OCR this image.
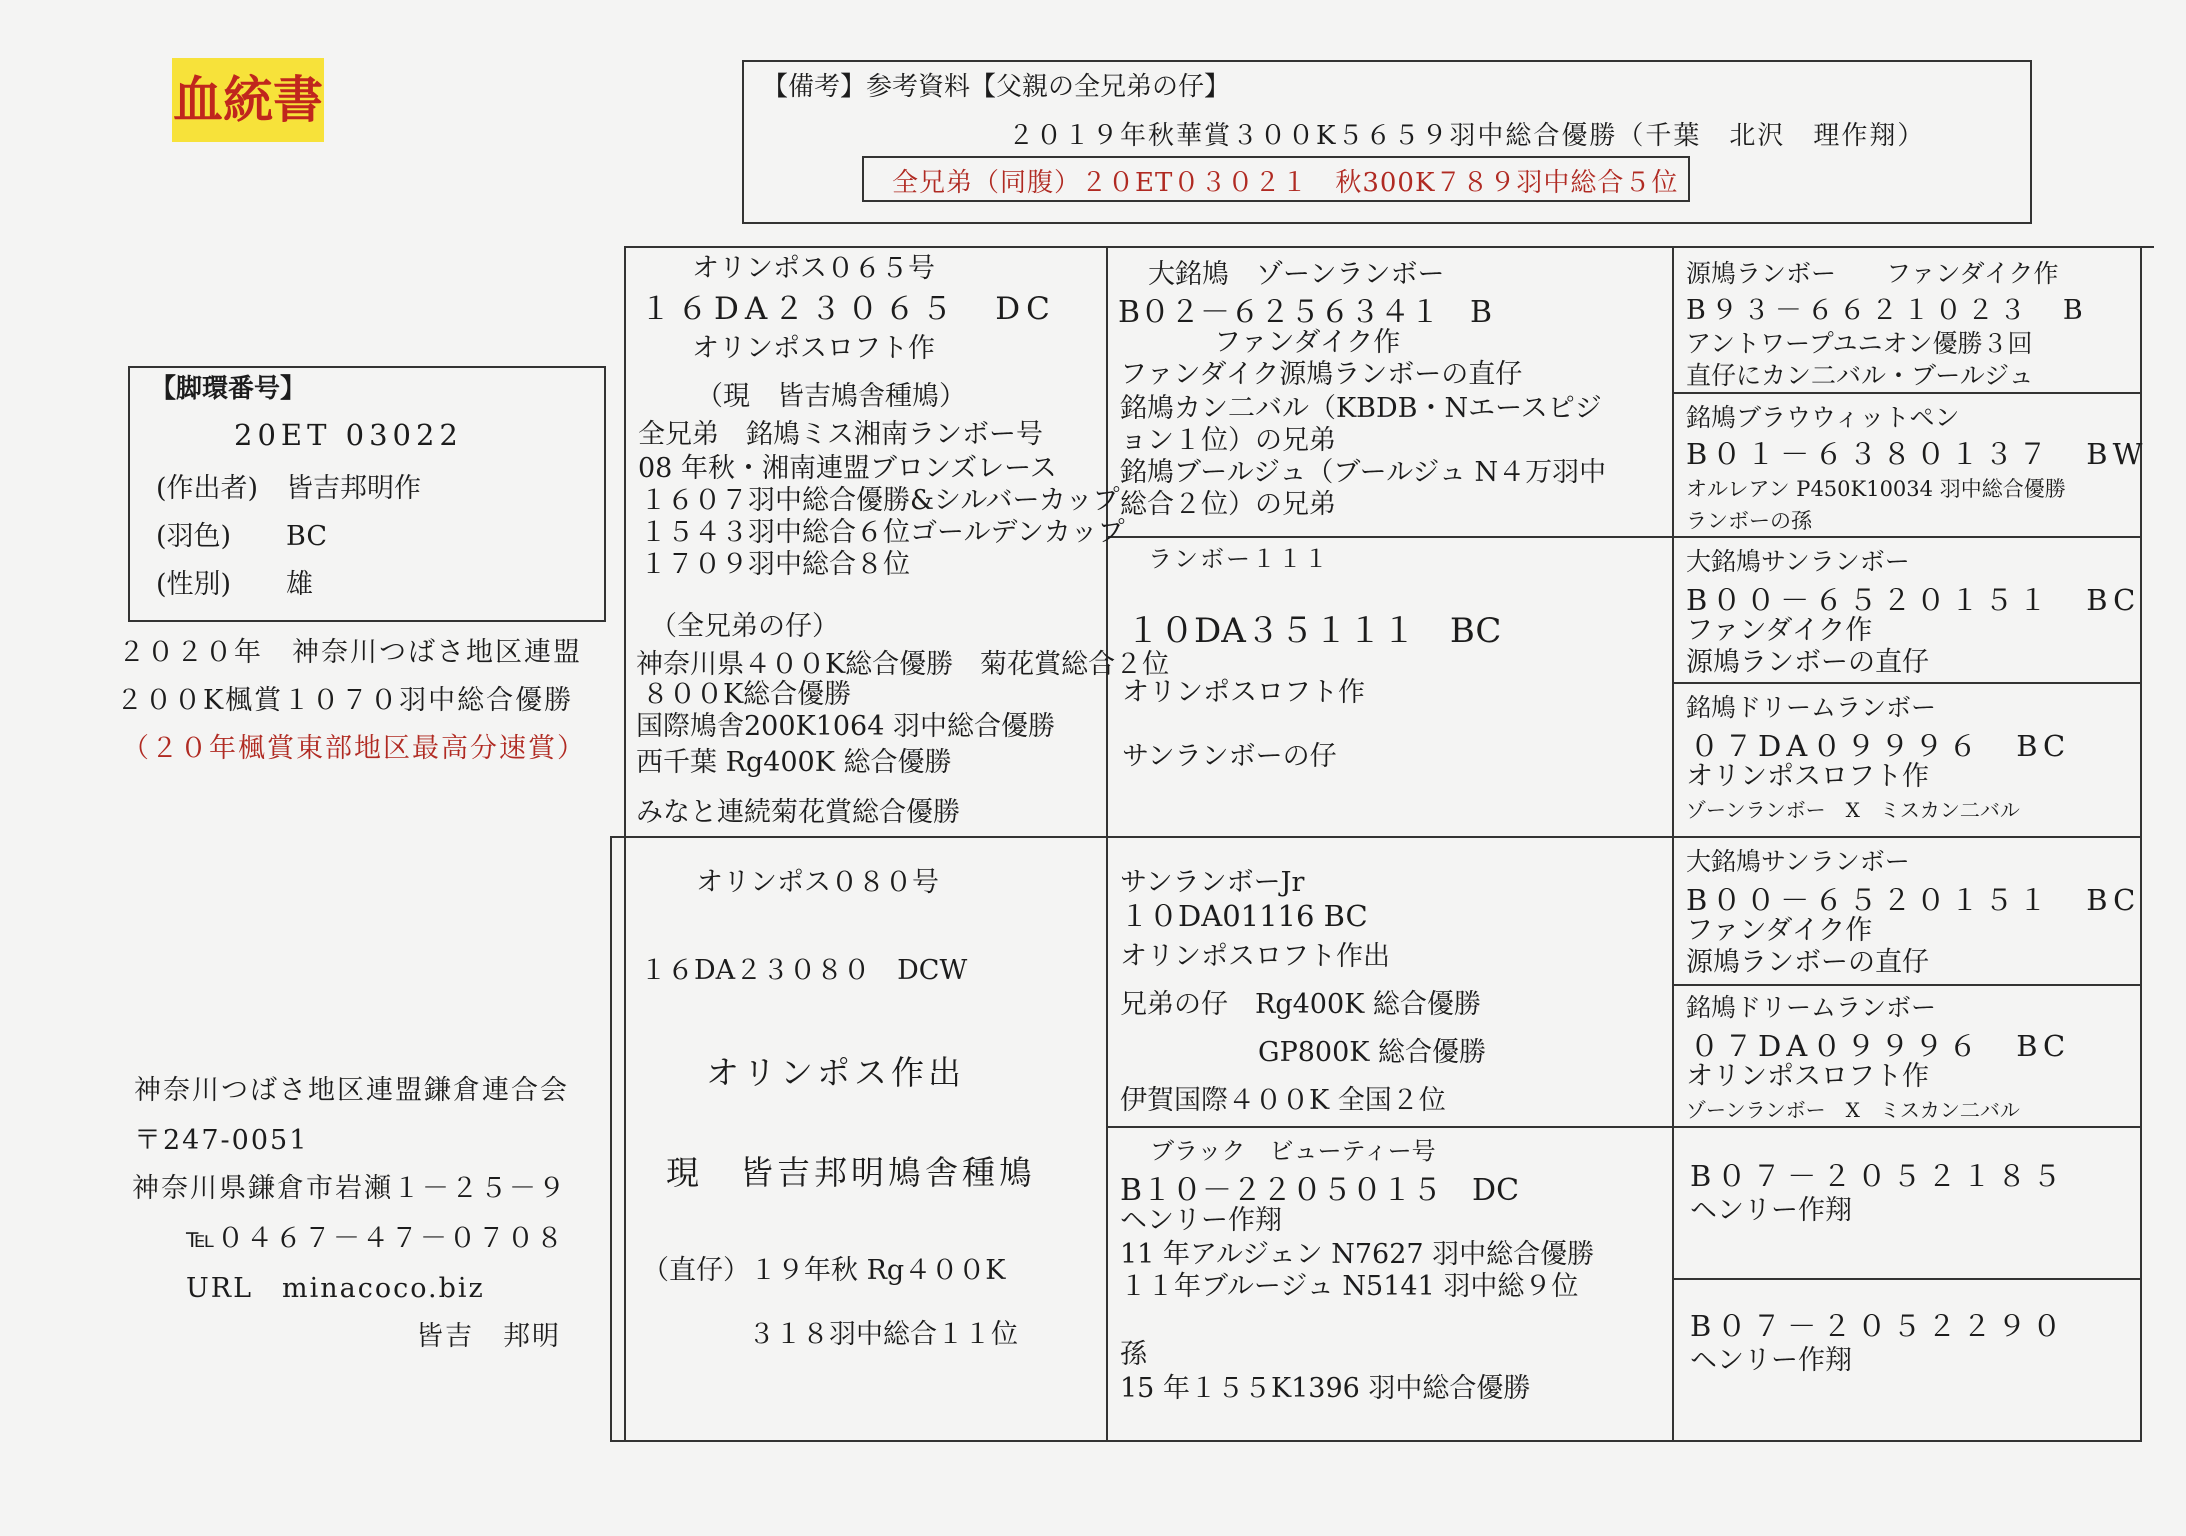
血統書	【備考】参考資料【父親の全兄弟の仔】
２０１９年秋華賞３００K５６５９羽中総合優勝（千葉　北沢　理作翔）
全兄弟（同腹）２０ET０３０２１　秋300K７８９羽中総合５位
【脚環番号】
20ET 03022
(作出者) 皆吉邦明作
(羽色) BC
(性別) 雄
２０２０年　神奈川つばさ地区連盟
２００K楓賞１０７０羽中総合優勝
（２０年楓賞東部地区最高分速賞）
神奈川つばさ地区連盟鎌倉連合会
〒247-0051
神奈川県鎌倉市岩瀬１－２５－９
℡０４６７－４７－０７０８
URL　minacoco.biz
皆吉　邦明
オリンポス０６５号
１６DA２３０６５　DC
オリンポスロフト作
（現　皆吉鳩舎種鳩）
全兄弟　銘鳩ミス湘南ランボー号
08 年秋・湘南連盟ブロンズレース
１６０７羽中総合優勝&シルバーカップ
１５４３羽中総合６位ゴールデンカップ
１７０９羽中総合８位
（全兄弟の仔）
神奈川県４００K総合優勝　菊花賞総合２位
８００K総合優勝
国際鳩舎200K1064 羽中総合優勝
西千葉 Rg400K 総合優勝
みなと連続菊花賞総合優勝
オリンポス０８０号
１６DA２３０８０　DCW
オリンポス作出
現　皆吉邦明鳩舎種鳩
（直仔）１９年秋 Rg４００K
３１８羽中総合１１位
大銘鳩　ゾーンランボー
B０２－６２５６３４１　B
ファンダイク作
ファンダイク源鳩ランボーの直仔
銘鳩カン二バル（KBDB・Nエースピジ
ョン１位）の兄弟
銘鳩ブールジュ（ブールジュ N４万羽中
総合２位）の兄弟
ランボー１１１
１０DA３５１１１　BC
オリンポスロフト作
サンランボーの仔
サンランボーJr
１０DA01116 BC
オリンポスロフト作出
兄弟の仔　Rg400K 総合優勝
GP800K 総合優勝
伊賀国際４００K 全国２位
ブラック　ビューティー号
B１０－２２０５０１５　DC
ヘンリー作翔
11 年アルジェン N7627 羽中総合優勝
１１年ブルージュ N5141 羽中総９位
孫
15 年１５５K1396 羽中総合優勝
源鳩ランボー　　ファンダイク作
B９３－６６２１０２３　B
アントワープユニオン優勝３回
直仔にカン二バル・ブールジュ
銘鳩ブラウウィットペン
B０１－６３８０１３７　BW
オルレアン P450K10034 羽中総合優勝
ランボーの孫
大銘鳩サンランボー
B００－６５２０１５１　BC
ファンダイク作
源鳩ランボーの直仔
銘鳩ドリームランボー
０７DA０９９９６　BC
オリンポスロフト作
ゾーンランボー　X　ミスカン二バル
大銘鳩サンランボー
B００－６５２０１５１　BC
ファンダイク作
源鳩ランボーの直仔
銘鳩ドリームランボー
０７DA０９９９６　BC
オリンポスロフト作
ゾーンランボー　X　ミスカン二バル
B０７－２０５２１８５
ヘンリー作翔
B０７－２０５２２９０
ヘンリー作翔
